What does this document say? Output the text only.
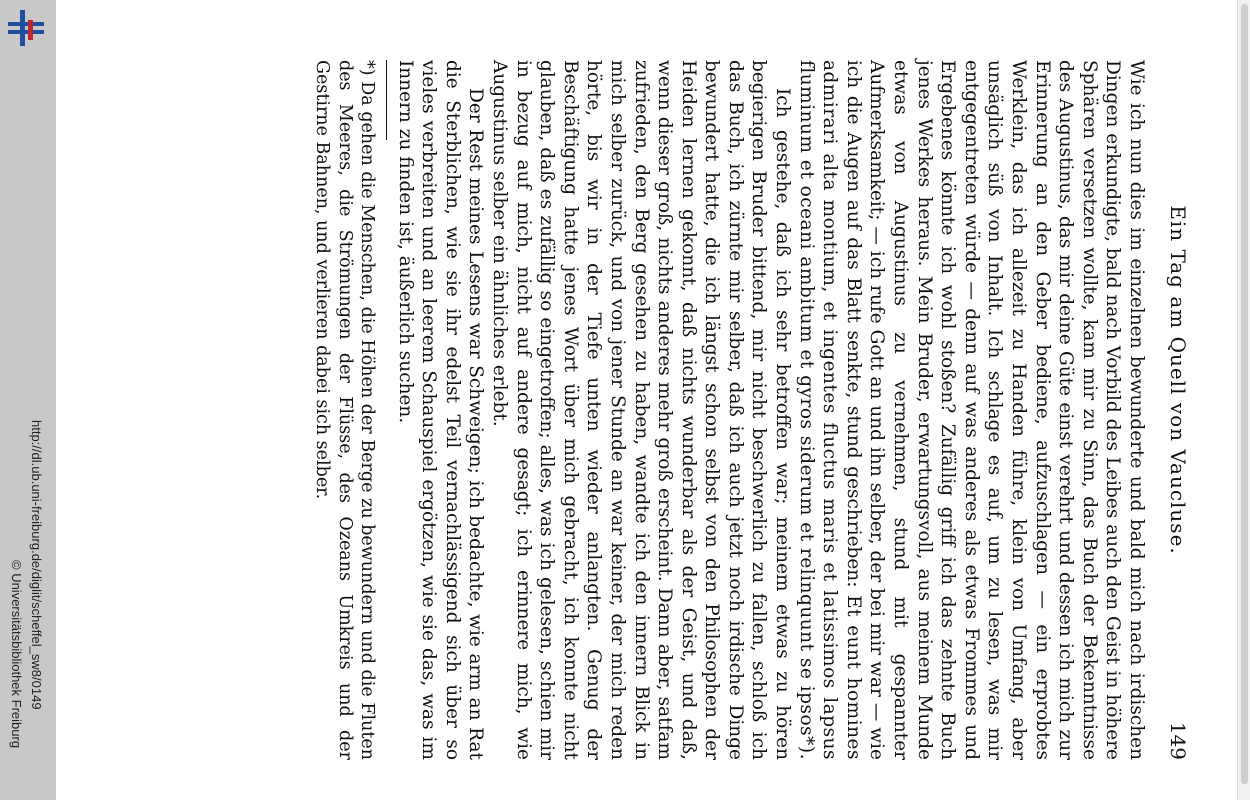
http://dl.ub.uni-freiburg.de/diglit/scheffel_sw8/0149
© Universitätsbibliothek Freiburg
Ein Tag am Quell von Vaucluse.
149

Wie ich nun dies im einzelnen bewunderte und bald mich nach irdischen Dingen erkundigte, bald nach Vorbild des Leibes auch den Geist in höhere Sphären versetzen wollte, kam mir zu Sinn, das Buch der Bekenntnisse des Augustinus, das mir deine Güte einst verehrt und dessen ich mich zur Erinnerung an den Geber bediene, aufzuschlagen — ein erprobtes Werklein, das ich allezeit zu Handen führe, klein von Umfang, aber unsäglich süß von Inhalt. Ich schlage es auf, um zu lesen, was mir entgegentreten würde — denn auf was anderes als etwas Frommes und Ergebenes könnte ich wohl stoßen? Zufällig griff ich das zehnte Buch jenes Werkes heraus. Mein Bruder, erwartungsvoll, aus meinem Munde etwas von Augustinus zu vernehmen, stund mit gespannter Aufmerksamkeit; — ich rufe Gott an und ihn selber, der bei mir war — wie ich die Augen auf das Blatt senkte, stund geschrieben: Et eunt homines admirari alta montium, et ingentes fluctus maris et latissimos lapsus fluminum et oceani ambitum et gyros siderum et relinquunt se ipsos*).

Ich gestehe, daß ich sehr betroffen war; meinem etwas zu hören begierigen Bruder bittend, mir nicht beschwerlich zu fallen, schloß ich das Buch, ich zürnte mir selber, daß ich auch jetzt noch irdische Dinge bewundert hatte, die ich längst schon selbst von den Philosophen der Heiden lernen gekonnt, daß nichts wunderbar als der Geist, und daß, wenn dieser groß, nichts anderes mehr groß erscheint. Dann aber, satfam zufrieden, den Berg gesehen zu haben, wandte ich den innern Blick in mich selber zurück, und von jener Stunde an war keiner, der mich reden hörte, bis wir in der Tiefe unten wieder anlangten. Genug der Beschäftigung hatte jenes Wort über mich gebracht, ich konnte nicht glauben, daß es zufällig so eingetroffen; alles, was ich gelesen, schien mir in bezug auf mich, nicht auf andere gesagt; ich erinnere mich, wie Augustinus selber ein ähnliches erlebt.

Der Rest meines Lesens war Schweigen; ich bedachte, wie arm an Rat die Sterblichen, wie sie ihr edelst Teil vernachlässigend sich über so vieles verbreiten und an leerem Schauspiel ergötzen, wie sie das, was im Innern zu finden ist, äußerlich suchen.

*) Da gehen die Menschen, die Höhen der Berge zu bewundern und die Fluten des Meeres, die Strömungen der Flüsse, des Ozeans Umkreis und der Gestirne Bahnen, und verlieren dabei sich selber.
